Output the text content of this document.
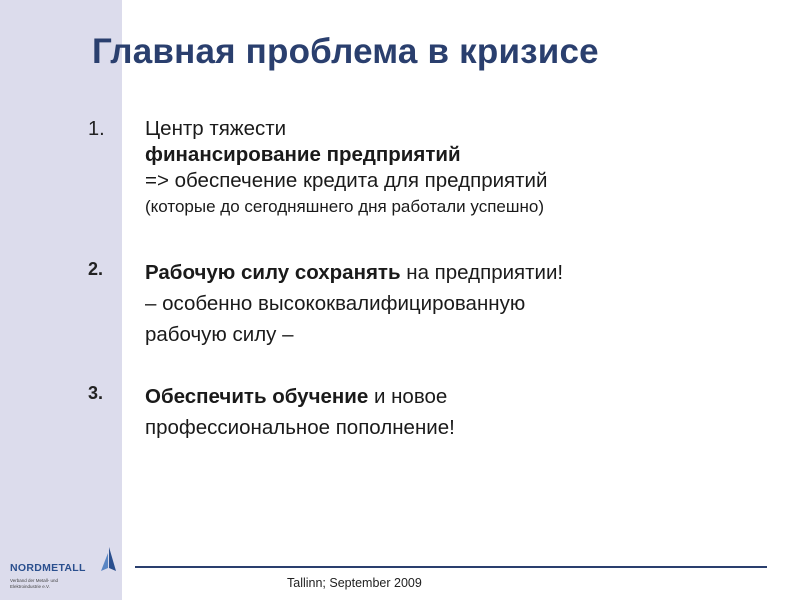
Главная проблема в кризисе
1. Центр тяжести
финансирование предприятий
=> обеспечение кредита для предприятий
(которые до сегодняшнего дня работали успешно)
2. Рабочую силу сохранять на предприятии!
– особенно высококвалифицированную
рабочую силу –
3. Обеспечить обучение и новое
профессиональное пополнение!
NORDMETALL
Verband der Metall- und
Elektroindustrie e.V.	Tallinn; September 2009
